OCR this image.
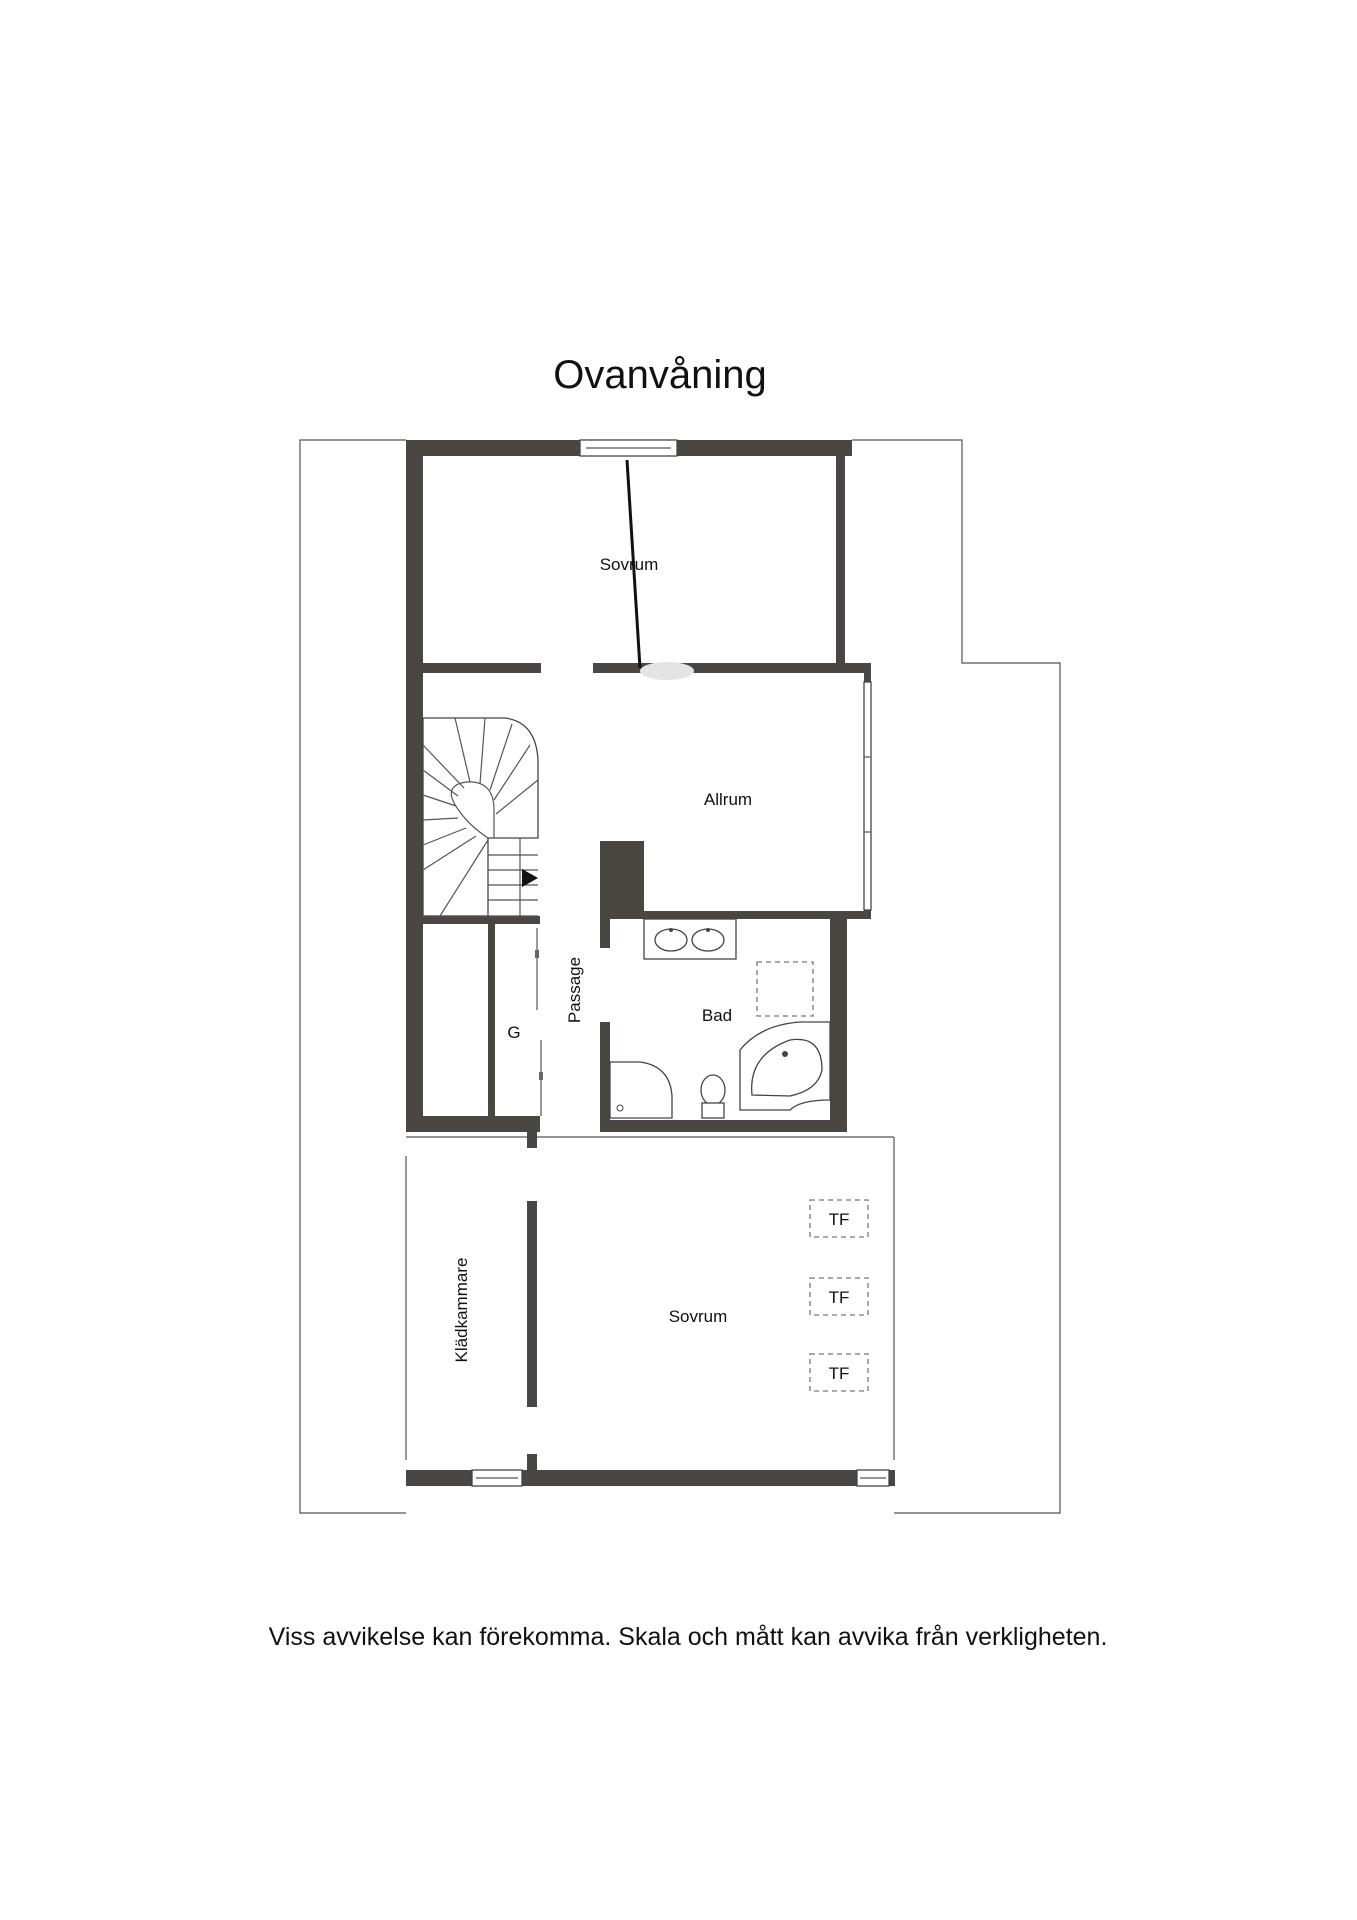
Ovanvåning
TF
TF
TF
Sovrum
Allrum
Passage
G
Bad
Sovrum
Klädkammare
Viss avvikelse kan förekomma. Skala och mått kan avvika från verkligheten.
